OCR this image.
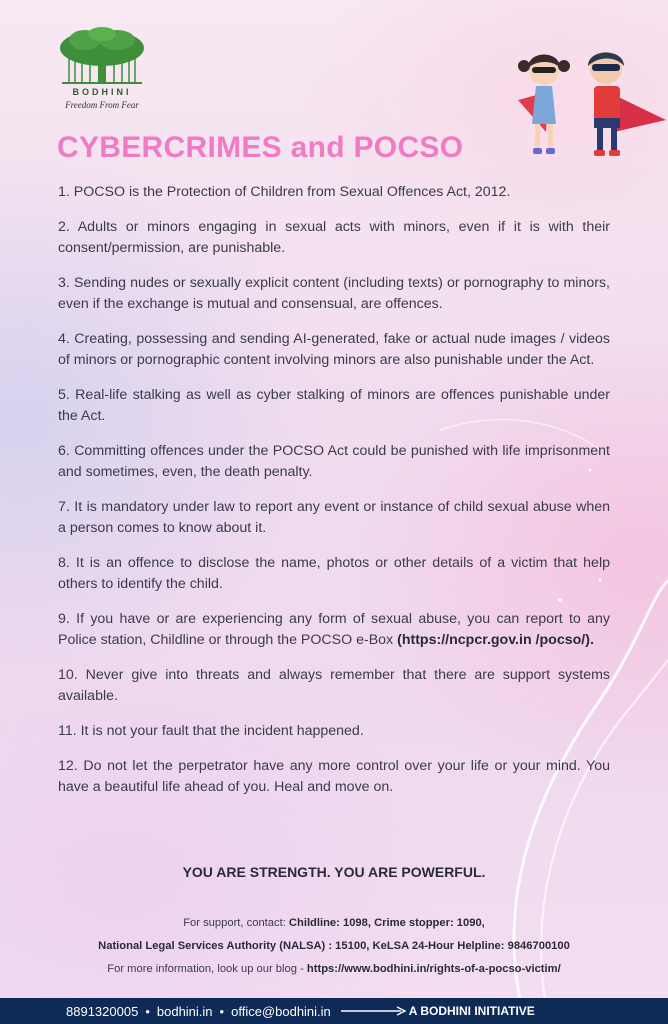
BODHINI
Freedom From Fear
CYBERCRIMES and POCSO

1. POCSO is the Protection of Children from Sexual Offences Act, 2012.

2. Adults or minors engaging in sexual acts with minors, even if it is with their consent/permission, are punishable.

3. Sending nudes or sexually explicit content (including texts) or pornography to minors, even if the exchange is mutual and consensual, are offences.

4. Creating, possessing and sending AI-generated, fake or actual nude images / videos of minors or pornographic content involving minors are also punishable under the Act.

5. Real-life stalking as well as cyber stalking of minors are offences punishable under the Act.

6. Committing offences under the POCSO Act could be punished with life imprisonment and sometimes, even, the death penalty.

7. It is mandatory under law to report any event or instance of child sexual abuse when a person comes to know about it.

8. It is an offence to disclose the name, photos or other details of a victim that help others to identify the child.

9. If you have or are experiencing any form of sexual abuse, you can report to any Police station, Childline or through the POCSO e-Box (https://ncpcr.gov.in /pocso/).

10. Never give into threats and always remember that there are support systems available.

11. It is not your fault that the incident happened.

12. Do not let the perpetrator have any more control over your life or your mind. You have a beautiful life ahead of you. Heal and move on.

YOU ARE STRENGTH. YOU ARE POWERFUL.
For support, contact: Childline: 1098, Crime stopper: 1090,
National Legal Services Authority (NALSA) : 15100, KeLSA 24-Hour Helpline: 9846700100
For more information, look up our blog - https://www.bodhini.in/rights-of-a-pocso-victim/
8891320005 • bodhini.in • office@bodhini.in	A BODHINI INITIATIVE
